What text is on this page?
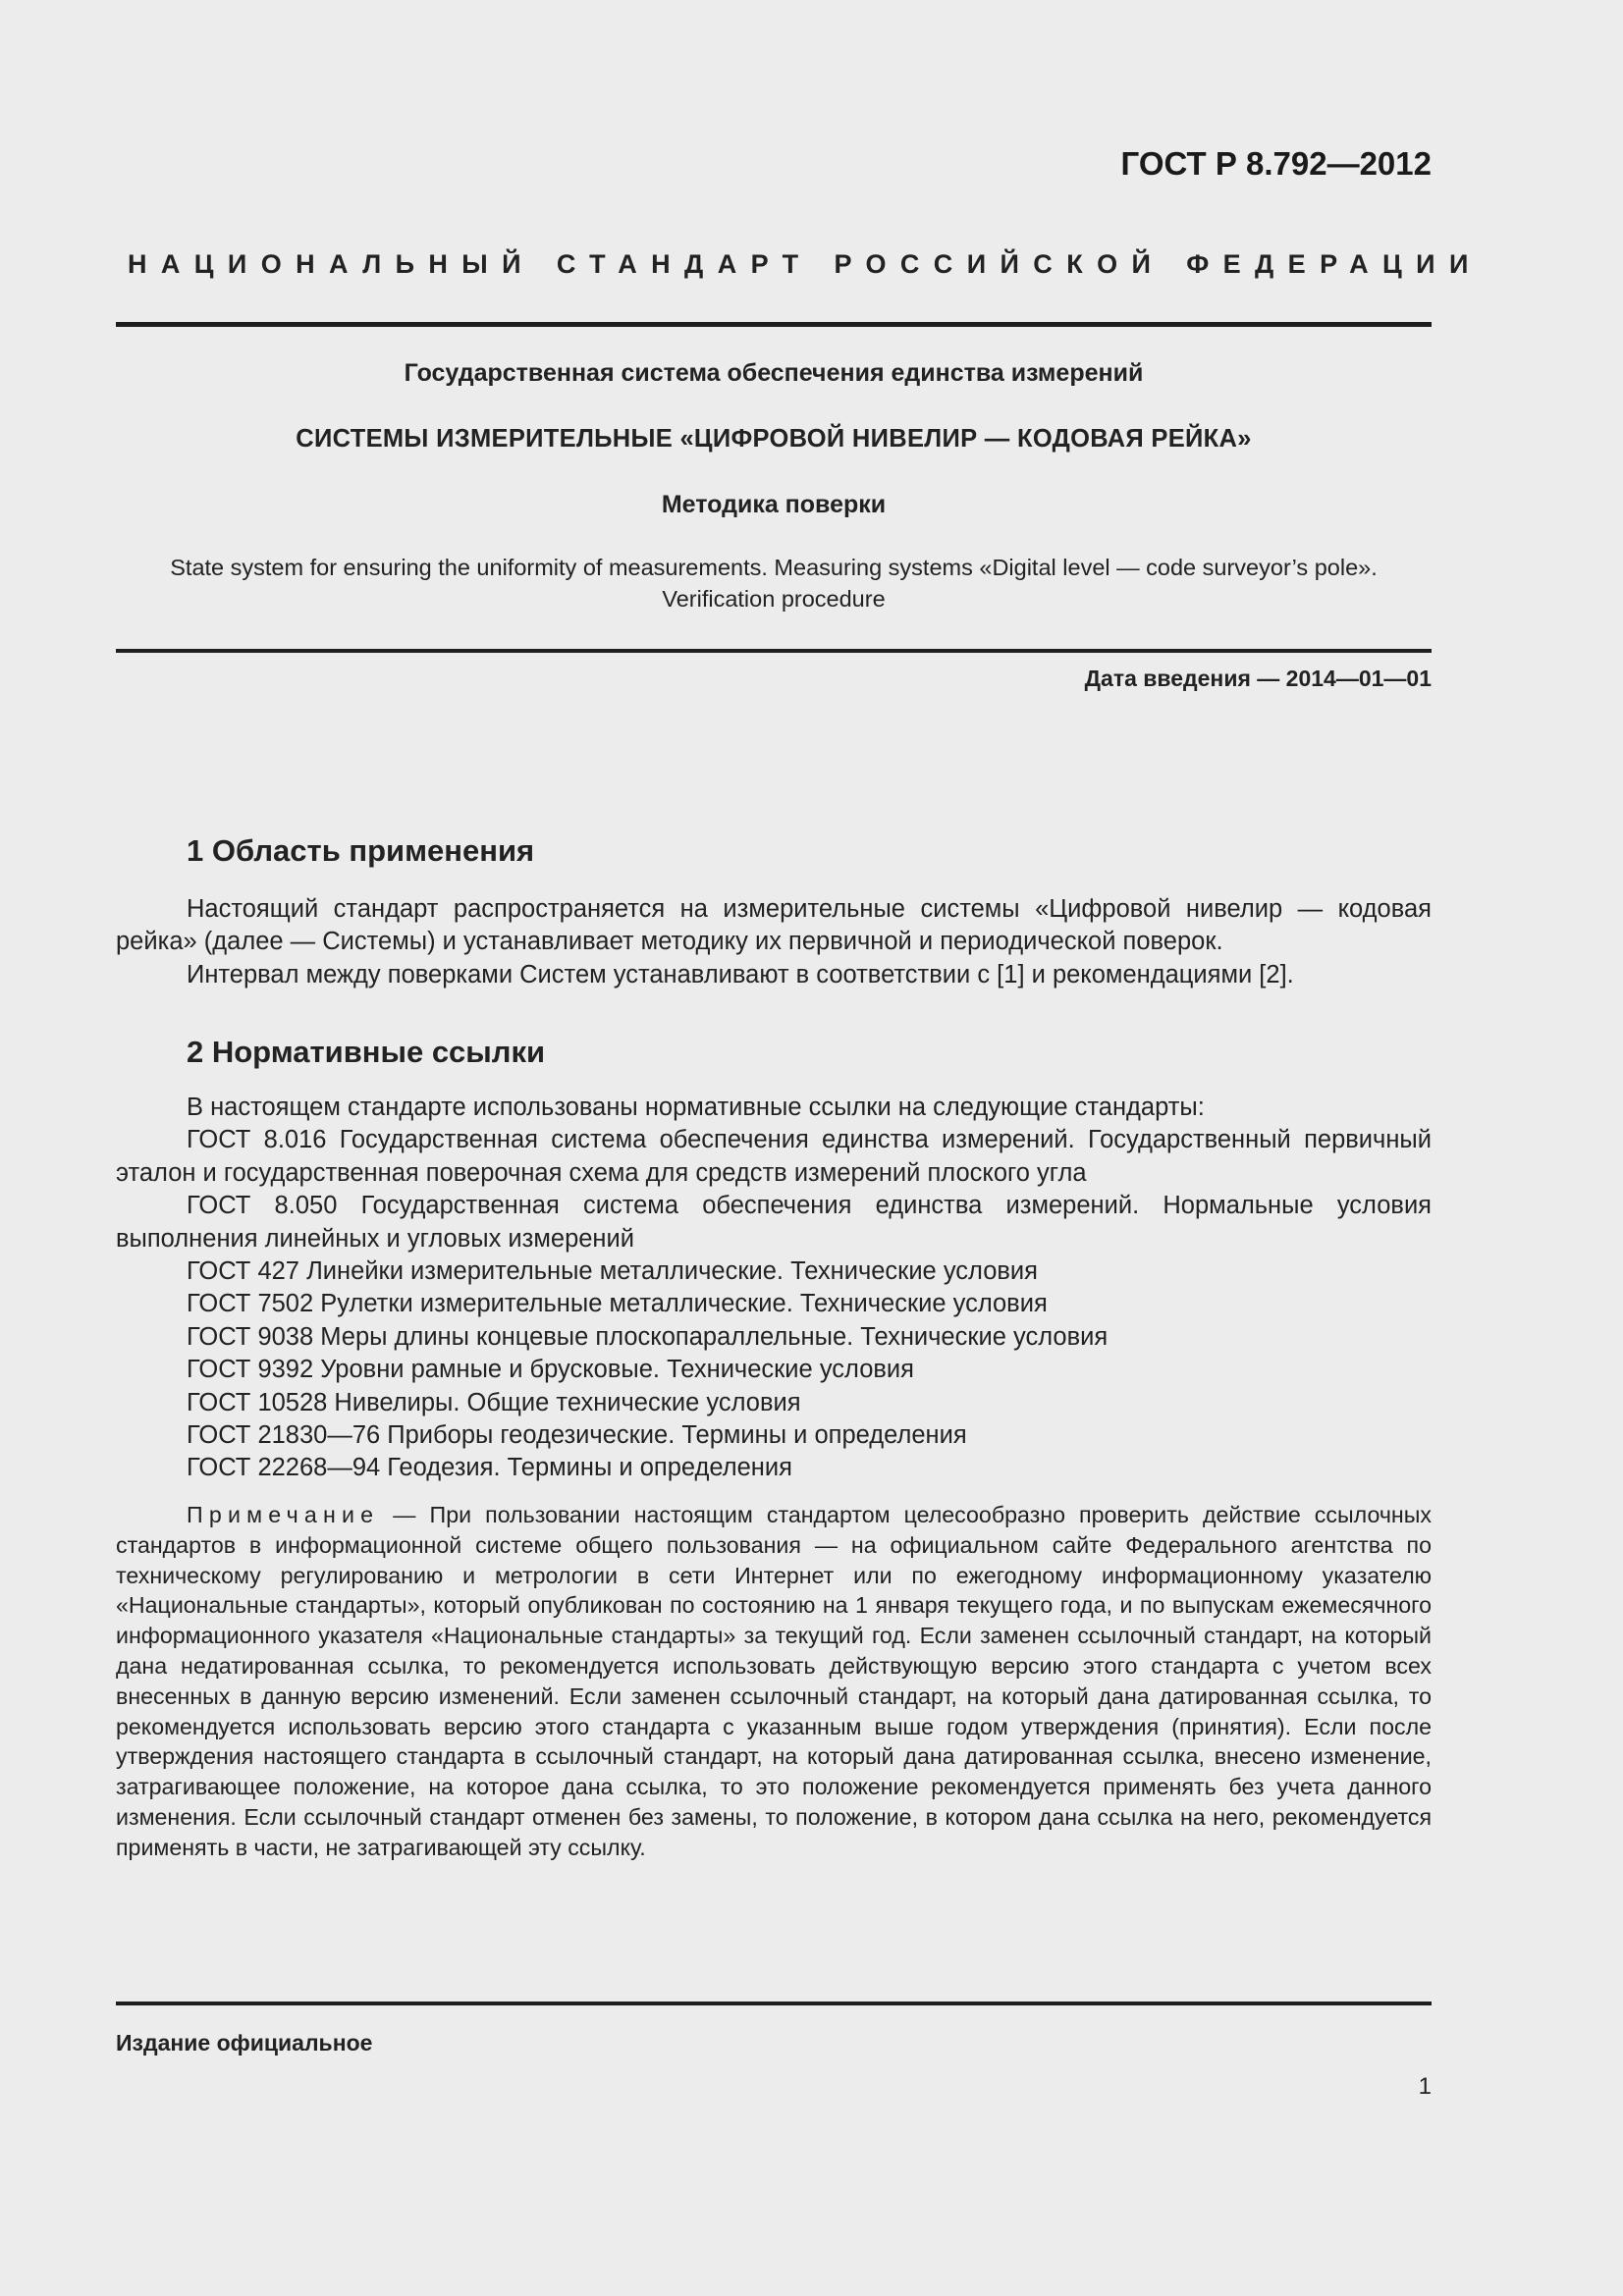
ГОСТ Р 8.792—2012
НАЦИОНАЛЬНЫЙ СТАНДАРТ РОССИЙСКОЙ ФЕДЕРАЦИИ
Государственная система обеспечения единства измерений
СИСТЕМЫ ИЗМЕРИТЕЛЬНЫЕ «ЦИФРОВОЙ НИВЕЛИР — КОДОВАЯ РЕЙКА»
Методика поверки
State system for ensuring the uniformity of measurements. Measuring systems «Digital level — code surveyor’s pole».
Verification procedure
Дата введения — 2014—01—01
1 Область применения

Настоящий стандарт распространяется на измерительные системы «Цифровой нивелир — кодовая рейка» (далее — Системы) и устанавливает методику их первичной и периодической поверок.

Интервал между поверками Систем устанавливают в соответствии с [1] и рекомендациями [2].

2 Нормативные ссылки

В настоящем стандарте использованы нормативные ссылки на следующие стандарты:

ГОСТ 8.016 Государственная система обеспечения единства измерений. Государственный первичный эталон и государственная поверочная схема для средств измерений плоского угла

ГОСТ 8.050 Государственная система обеспечения единства измерений. Нормальные условия выполнения линейных и угловых измерений

ГОСТ 427 Линейки измерительные металлические. Технические условия

ГОСТ 7502 Рулетки измерительные металлические. Технические условия

ГОСТ 9038 Меры длины концевые плоскопараллельные. Технические условия

ГОСТ 9392 Уровни рамные и брусковые. Технические условия

ГОСТ 10528 Нивелиры. Общие технические условия

ГОСТ 21830—76 Приборы геодезические. Термины и определения

ГОСТ 22268—94 Геодезия. Термины и определения

Примечание — При пользовании настоящим стандартом целесообразно проверить действие ссылочных стандартов в информационной системе общего пользования — на официальном сайте Федерального агентства по техническому регулированию и метрологии в сети Интернет или по ежегодному информационному указателю «Национальные стандарты», который опубликован по состоянию на 1 января текущего года, и по выпускам ежемесячного информационного указателя «Национальные стандарты» за текущий год. Если заменен ссылочный стандарт, на который дана недатированная ссылка, то рекомендуется использовать действующую версию этого стандарта с учетом всех внесенных в данную версию изменений. Если заменен ссылочный стандарт, на который дана датированная ссылка, то рекомендуется использовать версию этого стандарта с указанным выше годом утверждения (принятия). Если после утверждения настоящего стандарта в ссылочный стандарт, на который дана датированная ссылка, внесено изменение, затрагивающее положение, на которое дана ссылка, то это положение рекомендуется применять без учета данного изменения. Если ссылочный стандарт отменен без замены, то положение, в котором дана ссылка на него, рекомендуется применять в части, не затрагивающей эту ссылку.
Издание официальное
1
